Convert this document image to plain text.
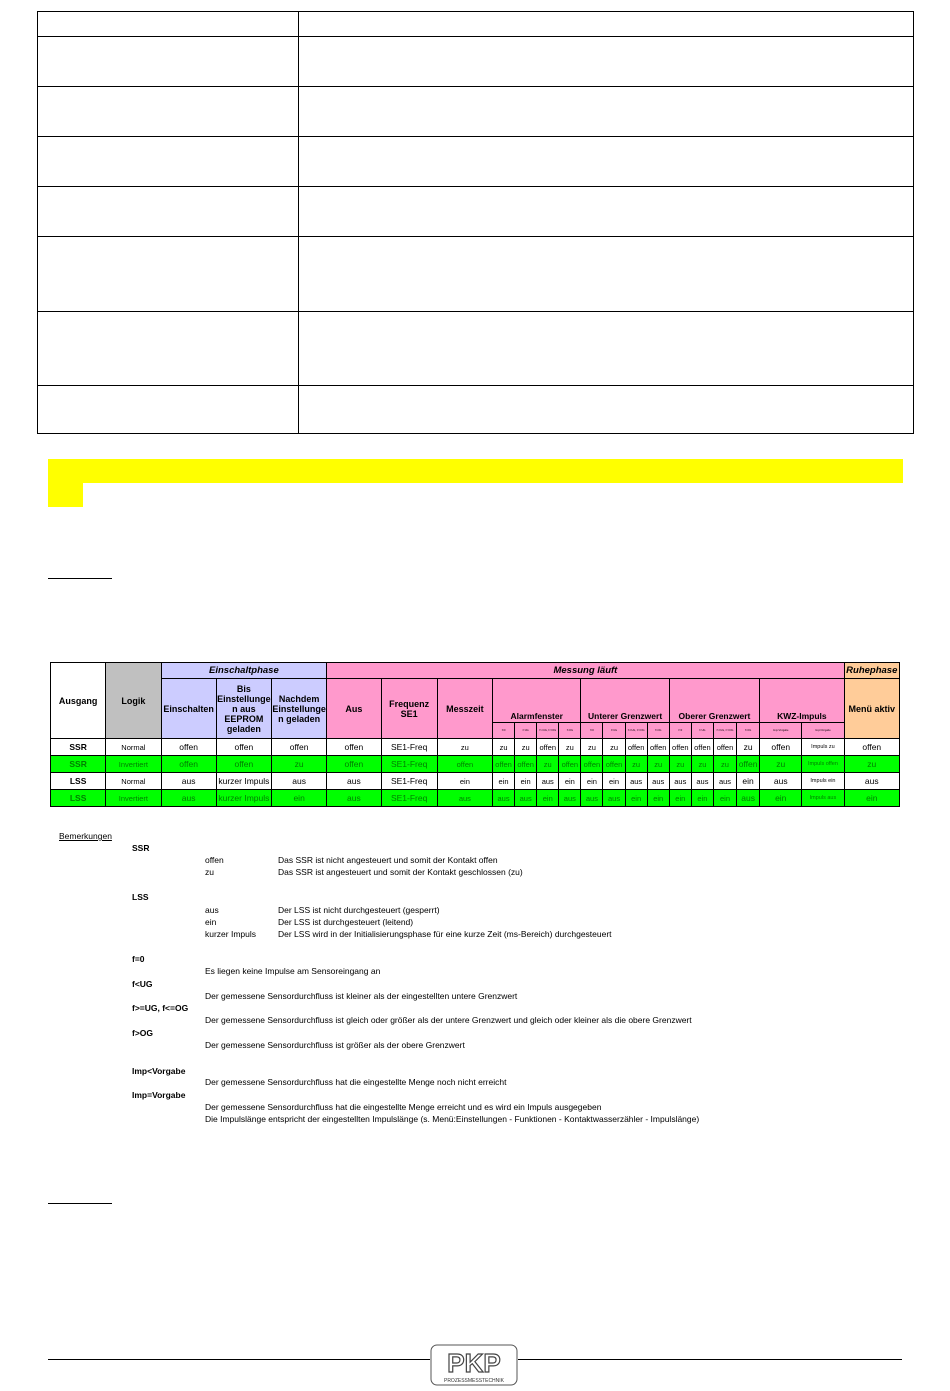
Ausgang	Logik	Einschaltphase			Messung läuft																	Ruhephase
		Einschalten	Bis Einstellunge n aus EEPROM geladen	Nachdem Einstellunge n geladen	Aus	Frequenz SE1	Messzeit	Alarmfenster				Unterer Grenzwert				Oberer Grenzwert				KWZ-Impuls		Menü aktiv
								f=0	f<UG	f>=UG, f<=OG	f>OG	f=0	f<UG	f>=UG, f<=OG	f>OG	f=0	f<UG	f>=UG, f<=OG	f>OG	Imp<Vorgabe	Imp=Vorgabe	
SSR	Normal	offen	offen	offen	offen	SE1-Freq	zu	zu	zu	offen	zu	zu	zu	offen	offen	offen	offen	offen	zu	offen	Impuls zu	offen
SSR	Invertiert	offen	offen	zu	offen	SE1-Freq	offen	offen	offen	zu	offen	offen	offen	zu	zu	zu	zu	zu	offen	zu	Impuls offen	zu
LSS	Normal	aus	kurzer Impuls	aus	aus	SE1-Freq	ein	ein	ein	aus	ein	ein	ein	aus	aus	aus	aus	aus	ein	aus	Impuls ein	aus
LSS	Invertiert	aus	kurzer Impuls	ein	aus	SE1-Freq	aus	aus	aus	ein	aus	aus	aus	ein	ein	ein	ein	ein	aus	ein	Impuls aus	ein
Bemerkungen
SSR
offen	Das SSR ist nicht angesteuert und somit der Kontakt offen
zu	Das SSR ist angesteuert und somit der Kontakt geschlossen (zu)
LSS
aus	Der LSS ist nicht durchgesteuert (gesperrt)
ein	Der LSS ist durchgesteuert (leitend)
kurzer Impuls	Der LSS wird in der Initialisierungsphase für eine kurze Zeit (ms-Bereich) durchgesteuert
f=0
Es liegen keine Impulse am Sensoreingang an
f<UG
Der gemessene Sensordurchfluss ist kleiner als der eingestellten untere Grenzwert
f>=UG, f<=OG
Der gemessene Sensordurchfluss ist gleich oder größer als der untere Grenzwert und gleich oder kleiner als die obere Grenzwert
f>OG
Der gemessene Sensordurchfluss ist größer als der obere Grenzwert
Imp<Vorgabe
Der gemessene Sensordurchfluss hat die eingestellte Menge noch nicht erreicht
Imp=Vorgabe
Der gemessene Sensordurchfluss hat die eingestellte Menge erreicht und es wird ein Impuls ausgegeben
Die Impulslänge entspricht der eingestellten Impulslänge (s. Menü:Einstellungen - Funktionen - Kontaktwasserzähler - Impulslänge)
PKP
PROZESSMESSTECHNIK
